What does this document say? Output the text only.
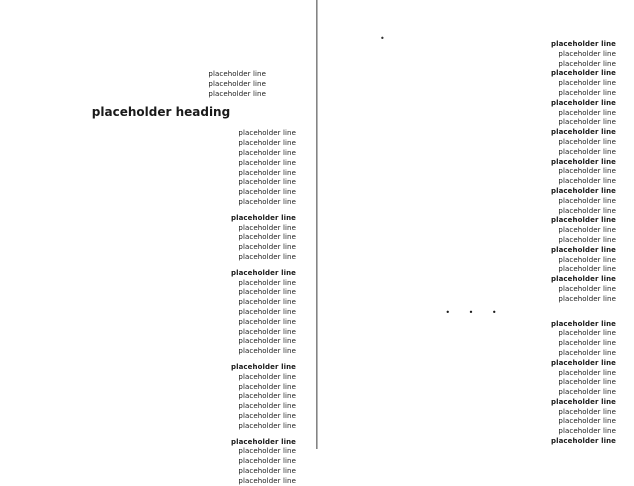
placeholder line
placeholder line
placeholder line
placeholder heading
placeholder line
placeholder line
placeholder line
placeholder line
placeholder line
placeholder line
placeholder line
placeholder line
placeholder line
placeholder line
placeholder line
placeholder line
placeholder line
placeholder line
placeholder line
placeholder line
placeholder line
placeholder line
placeholder line
placeholder line
placeholder line
placeholder line
placeholder line
placeholder line
placeholder line
placeholder line
placeholder line
placeholder line
placeholder line
placeholder line
placeholder line
placeholder line
placeholder line
placeholder line
placeholder line
placeholder line
placeholder line
placeholder line
placeholder line
placeholder line
placeholder line
placeholder line
placeholder line
placeholder line
placeholder line
placeholder line
placeholder line
placeholder line
placeholder line
placeholder line
placeholder line
placeholder line
placeholder line
placeholder line
placeholder line
placeholder line
placeholder line
placeholder line
placeholder line
placeholder line
placeholder line
• • •
placeholder line
placeholder line
placeholder line
placeholder line
placeholder line
placeholder line
placeholder line
placeholder line
placeholder line
placeholder line
placeholder line
placeholder line
placeholder line
•
